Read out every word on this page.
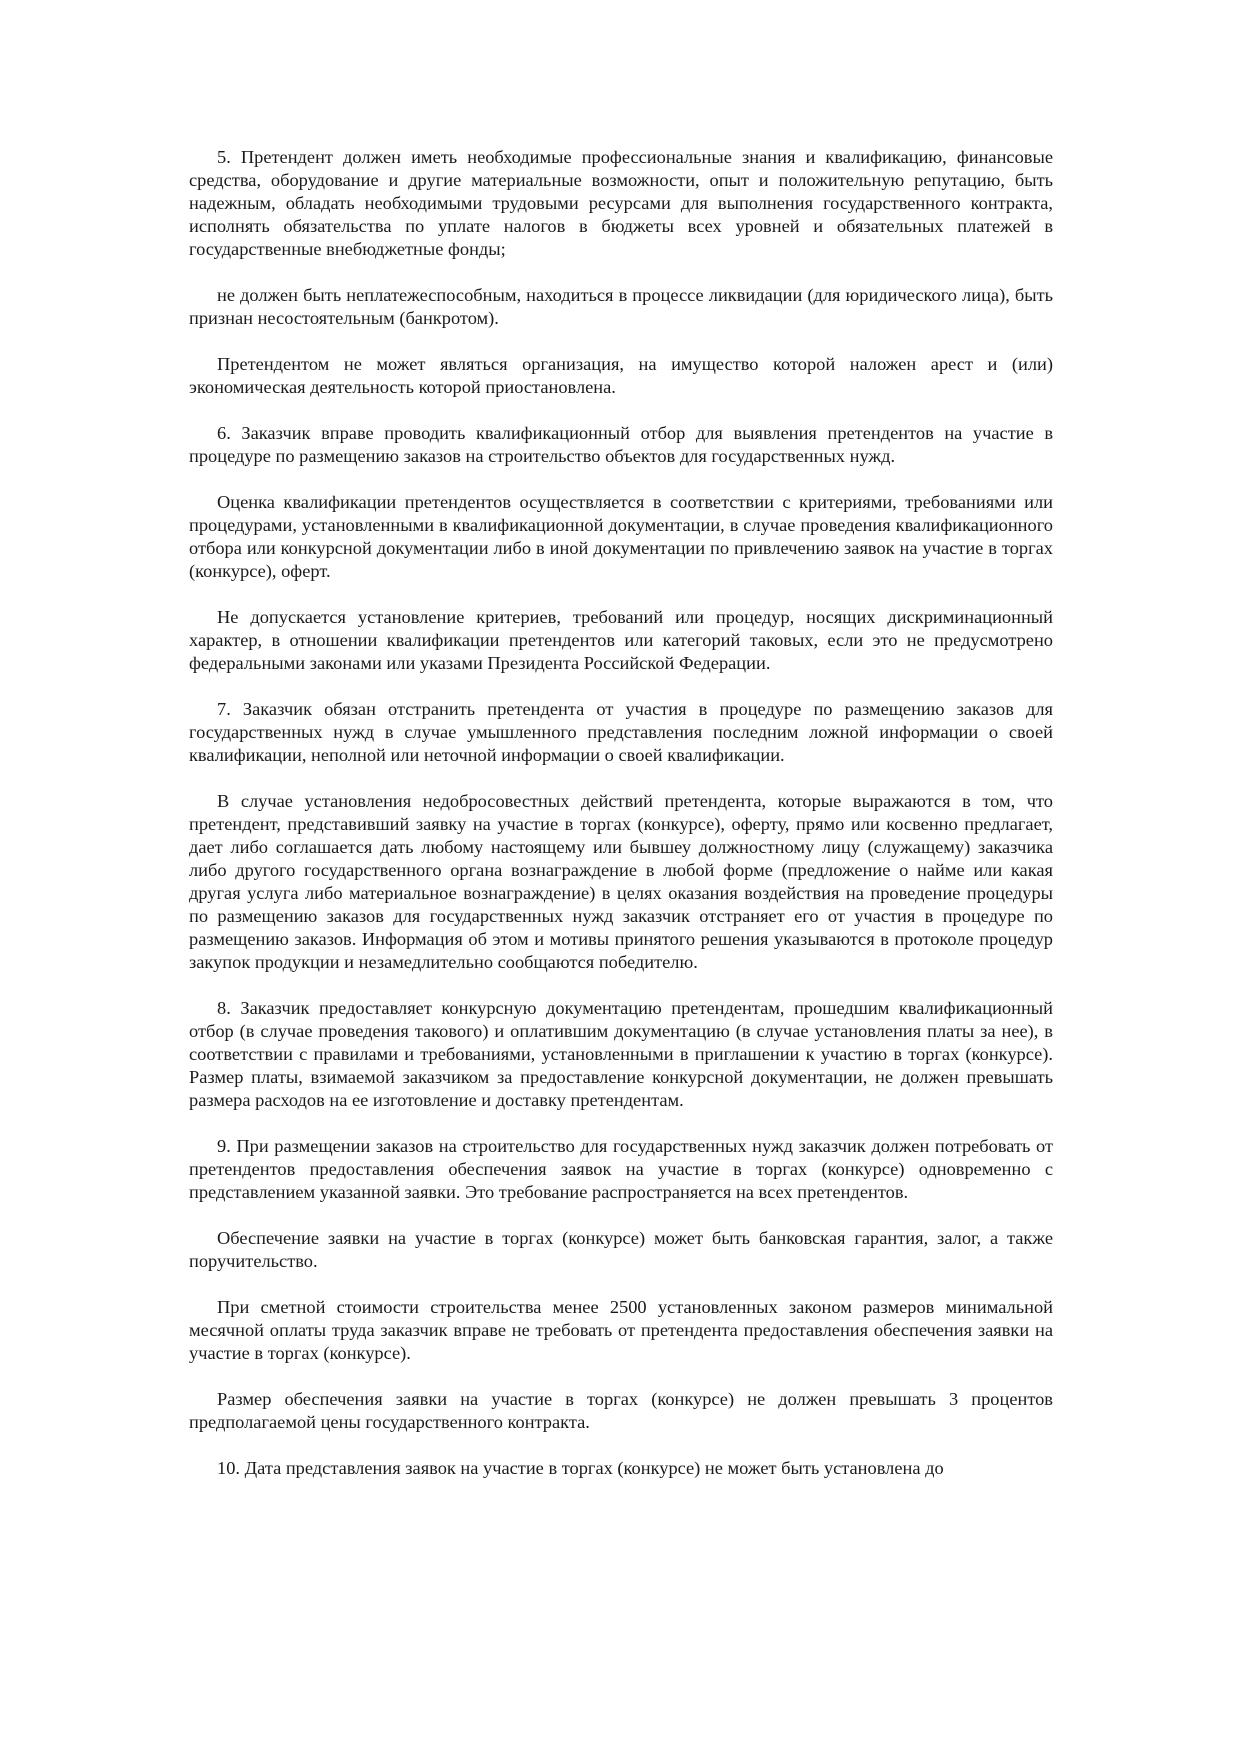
5. Претендент должен иметь необходимые профессиональные знания и квалификацию, финансовые средства, оборудование и другие материальные возможности, опыт и положительную репутацию, быть надежным, обладать необходимыми трудовыми ресурсами для выполнения государственного контракта, исполнять обязательства по уплате налогов в бюджеты всех уровней и обязательных платежей в государственные внебюджетные фонды;

не должен быть неплатежеспособным, находиться в процессе ликвидации (для юридического лица), быть признан несостоятельным (банкротом).

Претендентом не может являться организация, на имущество которой наложен арест и (или) экономическая деятельность которой приостановлена.

6. Заказчик вправе проводить квалификационный отбор для выявления претендентов на участие в процедуре по размещению заказов на строительство объектов для государственных нужд.

Оценка квалификации претендентов осуществляется в соответствии с критериями, требованиями или процедурами, установленными в квалификационной документации, в случае проведения квалификационного отбора или конкурсной документации либо в иной документации по привлечению заявок на участие в торгах (конкурсе), оферт.

Не допускается установление критериев, требований или процедур, носящих дискриминационный характер, в отношении квалификации претендентов или категорий таковых, если это не предусмотрено федеральными законами или указами Президента Российской Федерации.

7. Заказчик обязан отстранить претендента от участия в процедуре по размещению заказов для государственных нужд в случае умышленного представления последним ложной информации о своей квалификации, неполной или неточной информации о своей квалификации.

В случае установления недобросовестных действий претендента, которые выражаются в том, что претендент, представивший заявку на участие в торгах (конкурсе), оферту, прямо или косвенно предлагает, дает либо соглашается дать любому настоящему или бывшеу должностному лицу (служащему) заказчика либо другого государственного органа вознаграждение в любой форме (предложение о найме или какая другая услуга либо материальное вознаграждение) в целях оказания воздействия на проведение процедуры по размещению заказов для государственных нужд заказчик отстраняет его от участия в процедуре по размещению заказов. Информация об этом и мотивы принятого решения указываются в протоколе процедур закупок продукции и незамедлительно сообщаются победителю.

8. Заказчик предоставляет конкурсную документацию претендентам, прошедшим квалификационный отбор (в случае проведения такового) и оплатившим документацию (в случае установления платы за нее), в соответствии с правилами и требованиями, установленными в приглашении к участию в торгах (конкурсе). Размер платы, взимаемой заказчиком за предоставление конкурсной документации, не должен превышать размера расходов на ее изготовление и доставку претендентам.

9. При размещении заказов на строительство для государственных нужд заказчик должен потребовать от претендентов предоставления обеспечения заявок на участие в торгах (конкурсе) одновременно с представлением указанной заявки. Это требование распространяется на всех претендентов.

Обеспечение заявки на участие в торгах (конкурсе) может быть банковская гарантия, залог, а также поручительство.

При сметной стоимости строительства менее 2500 установленных законом размеров минимальной месячной оплаты труда заказчик вправе не требовать от претендента предоставления обеспечения заявки на участие в торгах (конкурсе).

Размер обеспечения заявки на участие в торгах (конкурсе) не должен превышать 3 процентов предполагаемой цены государственного контракта.

10. Дата представления заявок на участие в торгах (конкурсе) не может быть установлена до
